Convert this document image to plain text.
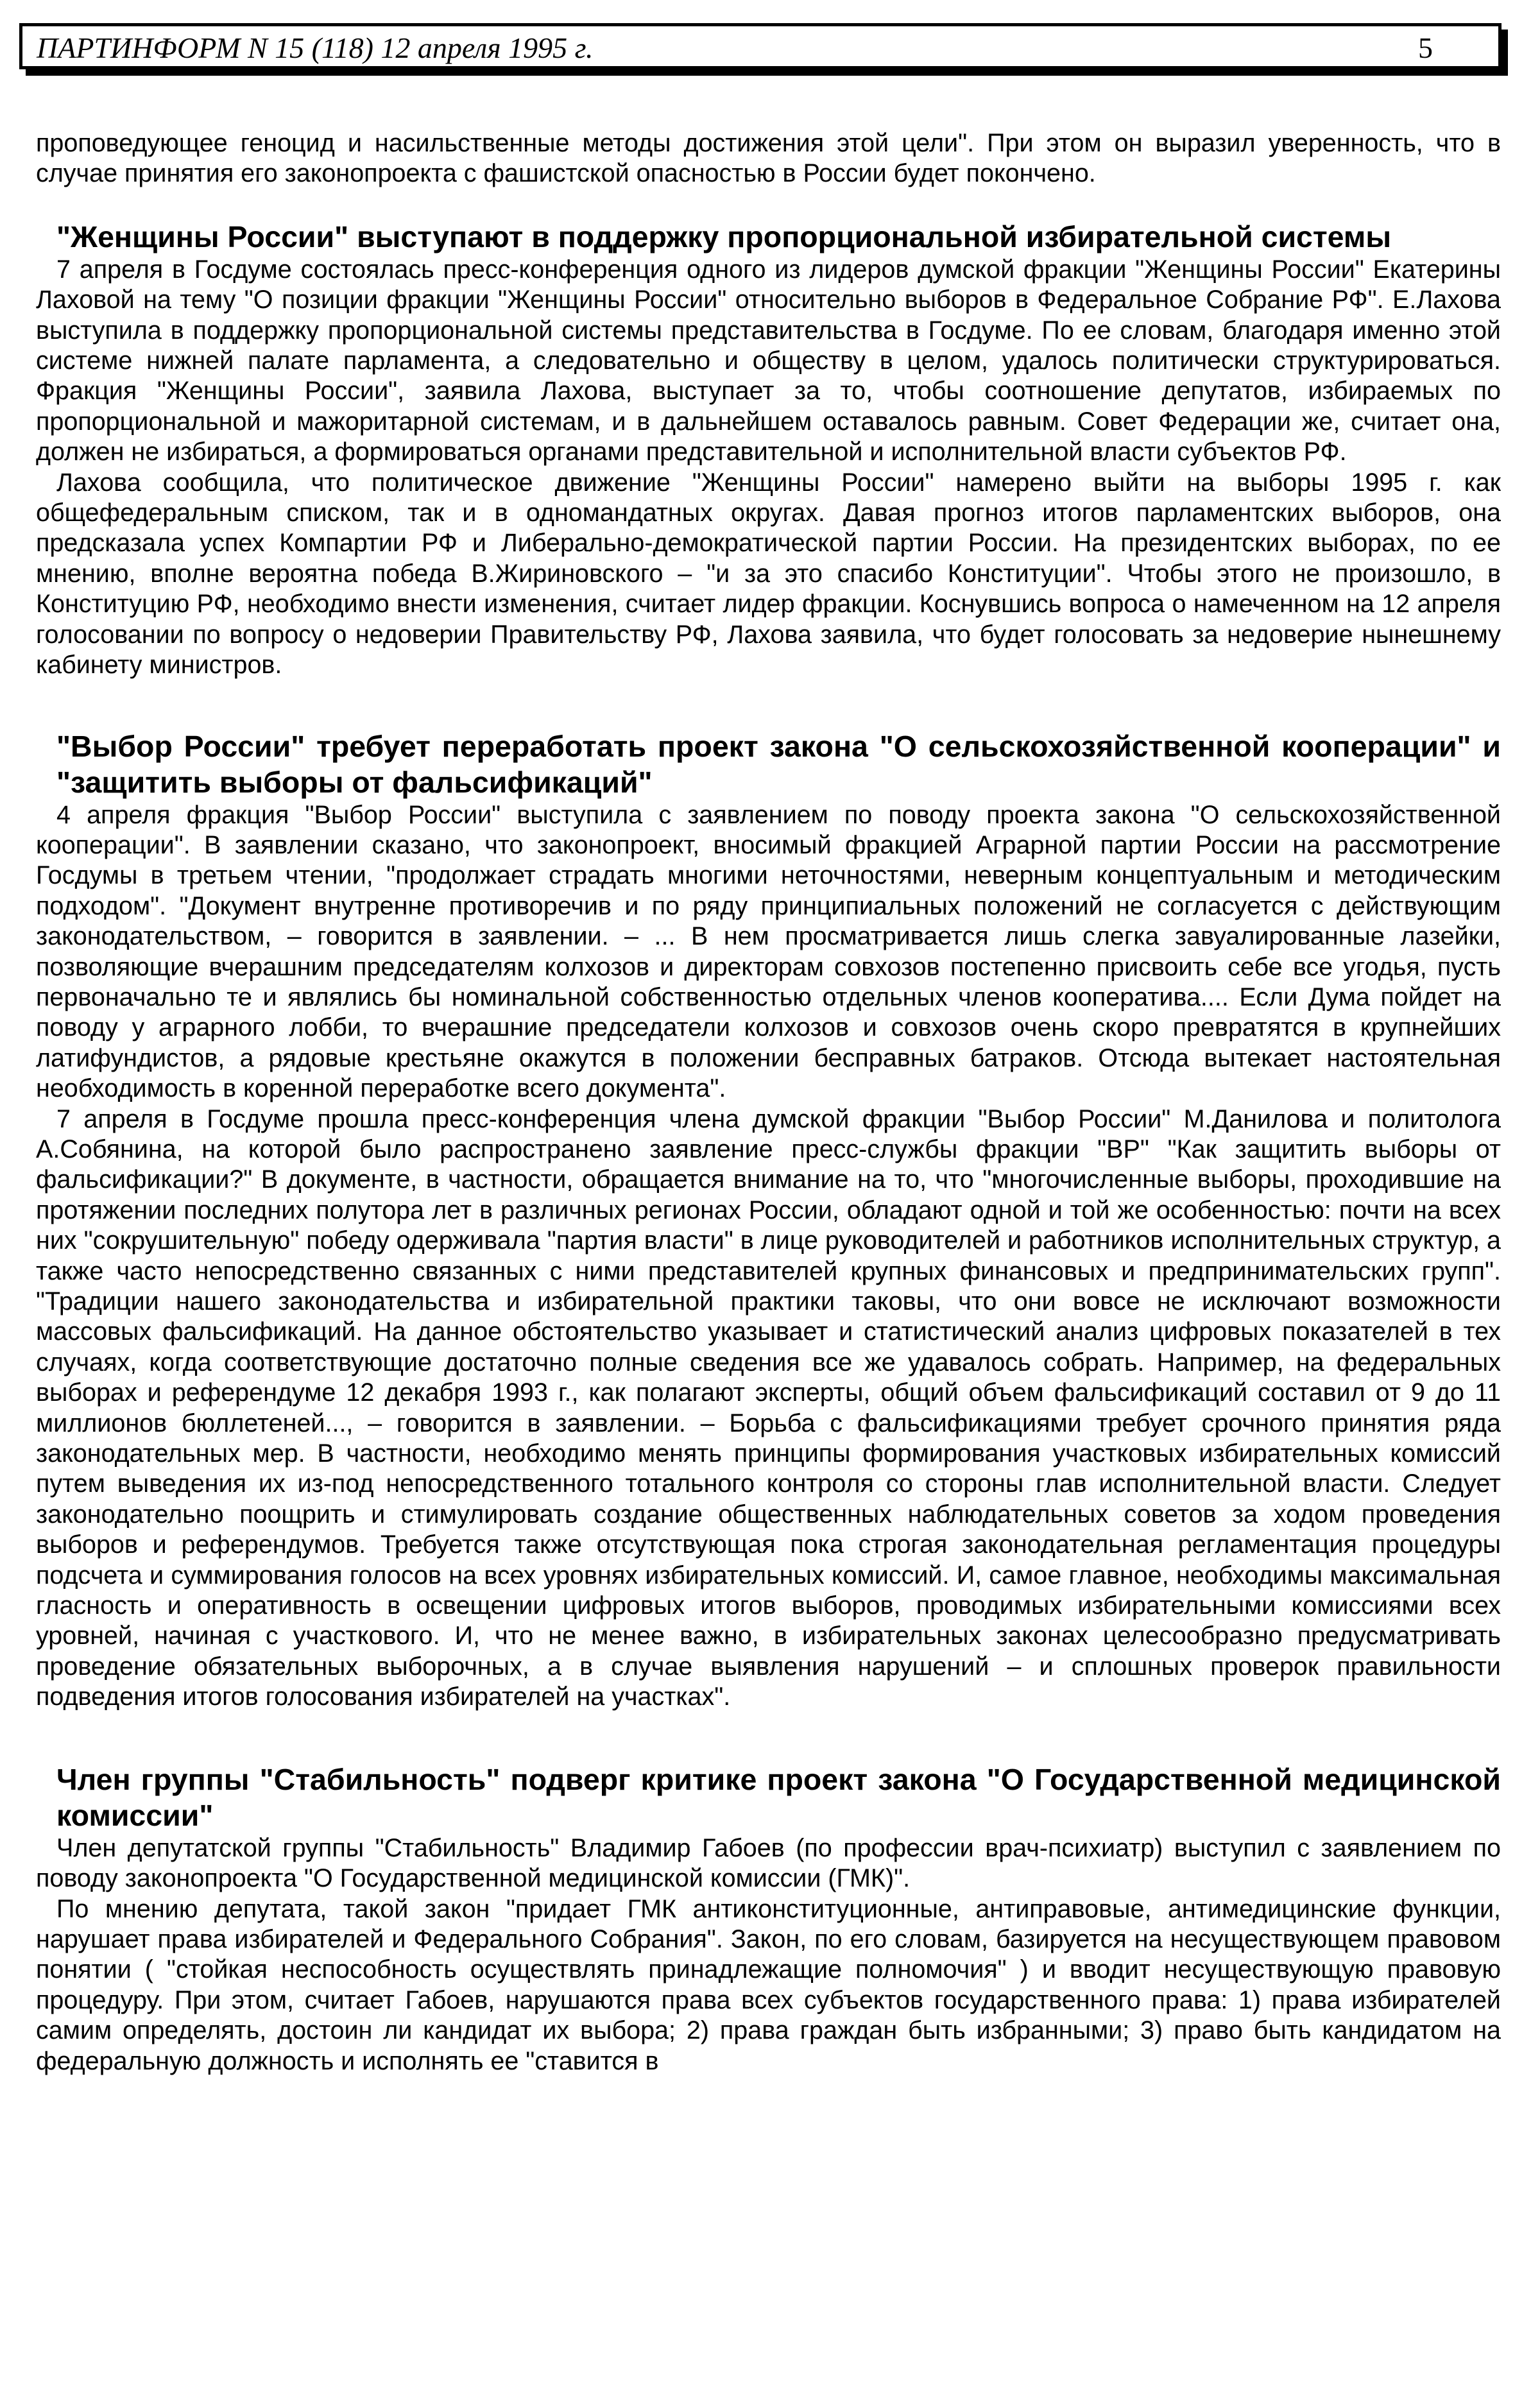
ПАРТИНФОРМ N 15 (118) 12 апреля 1995 г.	5

проповедующее геноцид и насильственные методы достижения этой цели". При этом он выразил уверенность, что в случае принятия его законопроекта с фашистской опасностью в России будет покончено.

"Женщины России" выступают в поддержку пропорциональной избирательной системы

7 апреля в Госдуме состоялась пресс-конференция одного из лидеров думской фракции "Женщины России" Екатерины Лаховой на тему "О позиции фракции "Женщины России" относительно выборов в Федеральное Собрание РФ". Е.Лахова выступила в поддержку пропорциональной системы представительства в Госдуме. По ее словам, благодаря именно этой системе нижней палате парламента, а следовательно и обществу в целом, удалось политически структурироваться. Фракция "Женщины России", заявила Лахова, выступает за то, чтобы соотношение депутатов, избираемых по пропорциональной и мажоритарной системам, и в дальнейшем оставалось равным. Совет Федерации же, считает она, должен не избираться, а формироваться органами представительной и исполнительной власти субъектов РФ.

Лахова сообщила, что политическое движение "Женщины России" намерено выйти на выборы 1995 г. как общефедеральным списком, так и в одномандатных округах. Давая прогноз итогов парламентских выборов, она предсказала успех Компартии РФ и Либерально-демократической партии России. На президентских выборах, по ее мнению, вполне вероятна победа В.Жириновского – "и за это спасибо Конституции". Чтобы этого не произошло, в Конституцию РФ, необходимо внести изменения, считает лидер фракции. Коснувшись вопроса о намеченном на 12 апреля голосовании по вопросу о недоверии Правительству РФ, Лахова заявила, что будет голосовать за недоверие нынешнему кабинету министров.

"Выбор России" требует переработать проект закона "О сельскохозяйственной кооперации" и "защитить выборы от фальсификаций"

4 апреля фракция "Выбор России" выступила с заявлением по поводу проекта закона "О сельскохозяйственной кооперации". В заявлении сказано, что законопроект, вносимый фракцией Аграрной партии России на рассмотрение Госдумы в третьем чтении, "продолжает страдать многими неточностями, неверным концептуальным и методическим подходом". "Документ внутренне противоречив и по ряду принципиальных положений не согласуется с действующим законодательством, – говорится в заявлении. – ... В нем просматривается лишь слегка завуалированные лазейки, позволяющие вчерашним председателям колхозов и директорам совхозов постепенно присвоить себе все угодья, пусть первоначально те и являлись бы номинальной собственностью отдельных членов кооператива.... Если Дума пойдет на поводу у аграрного лобби, то вчерашние председатели колхозов и совхозов очень скоро превратятся в крупнейших латифундистов, а рядовые крестьяне окажутся в положении бесправных батраков. Отсюда вытекает настоятельная необходимость в коренной переработке всего документа".

7 апреля в Госдуме прошла пресс-конференция члена думской фракции "Выбор России" М.Данилова и политолога А.Собянина, на которой было распространено заявление пресс-службы фракции "ВР" "Как защитить выборы от фальсификации?" В документе, в частности, обращается внимание на то, что "многочисленные выборы, проходившие на протяжении последних полутора лет в различных регионах России, обладают одной и той же особенностью: почти на всех них "сокрушительную" победу одерживала "партия власти" в лице руководителей и работников исполнительных структур, а также часто непосредственно связанных с ними представителей крупных финансовых и предпринимательских групп". "Традиции нашего законодательства и избирательной практики таковы, что они вовсе не исключают возможности массовых фальсификаций. На данное обстоятельство указывает и статистический анализ цифровых показателей в тех случаях, когда соответствующие достаточно полные сведения все же удавалось собрать. Например, на федеральных выборах и референдуме 12 декабря 1993 г., как полагают эксперты, общий объем фальсификаций составил от 9 до 11 миллионов бюллетеней..., – говорится в заявлении. – Борьба с фальсификациями требует срочного принятия ряда законодательных мер. В частности, необходимо менять принципы формирования участковых избирательных комиссий путем выведения их из-под непосредственного тотального контроля со стороны глав исполнительной власти. Следует законодательно поощрить и стимулировать создание общественных наблюдательных советов за ходом проведения выборов и референдумов. Требуется также отсутствующая пока строгая законодательная регламентация процедуры подсчета и суммирования голосов на всех уровнях избирательных комиссий. И, самое главное, необходимы максимальная гласность и оперативность в освещении цифровых итогов выборов, проводимых избирательными комиссиями всех уровней, начиная с участкового. И, что не менее важно, в избирательных законах целесообразно предусматривать проведение обязательных выборочных, а в случае выявления нарушений – и сплошных проверок правильности подведения итогов голосования избирателей на участках".

Член группы "Стабильность" подверг критике проект закона "О Государственной медицинской комиссии"

Член депутатской группы "Стабильность" Владимир Габоев (по профессии врач-психиатр) выступил с заявлением по поводу законопроекта "О Государственной медицинской комиссии (ГМК)".

По мнению депутата, такой закон "придает ГМК антиконституционные, антиправовые, антимедицинские функции, нарушает права избирателей и Федерального Собрания". Закон, по его словам, базируется на несуществующем правовом понятии ( "стойкая неспособность осуществлять принадлежащие полномочия" ) и вводит несуществующую правовую процедуру. При этом, считает Габоев, нарушаются права всех субъектов государственного права: 1) права избирателей самим определять, достоин ли кандидат их выбора; 2) права граждан быть избранными; 3) право быть кандидатом на федеральную должность и исполнять ее "ставится в
